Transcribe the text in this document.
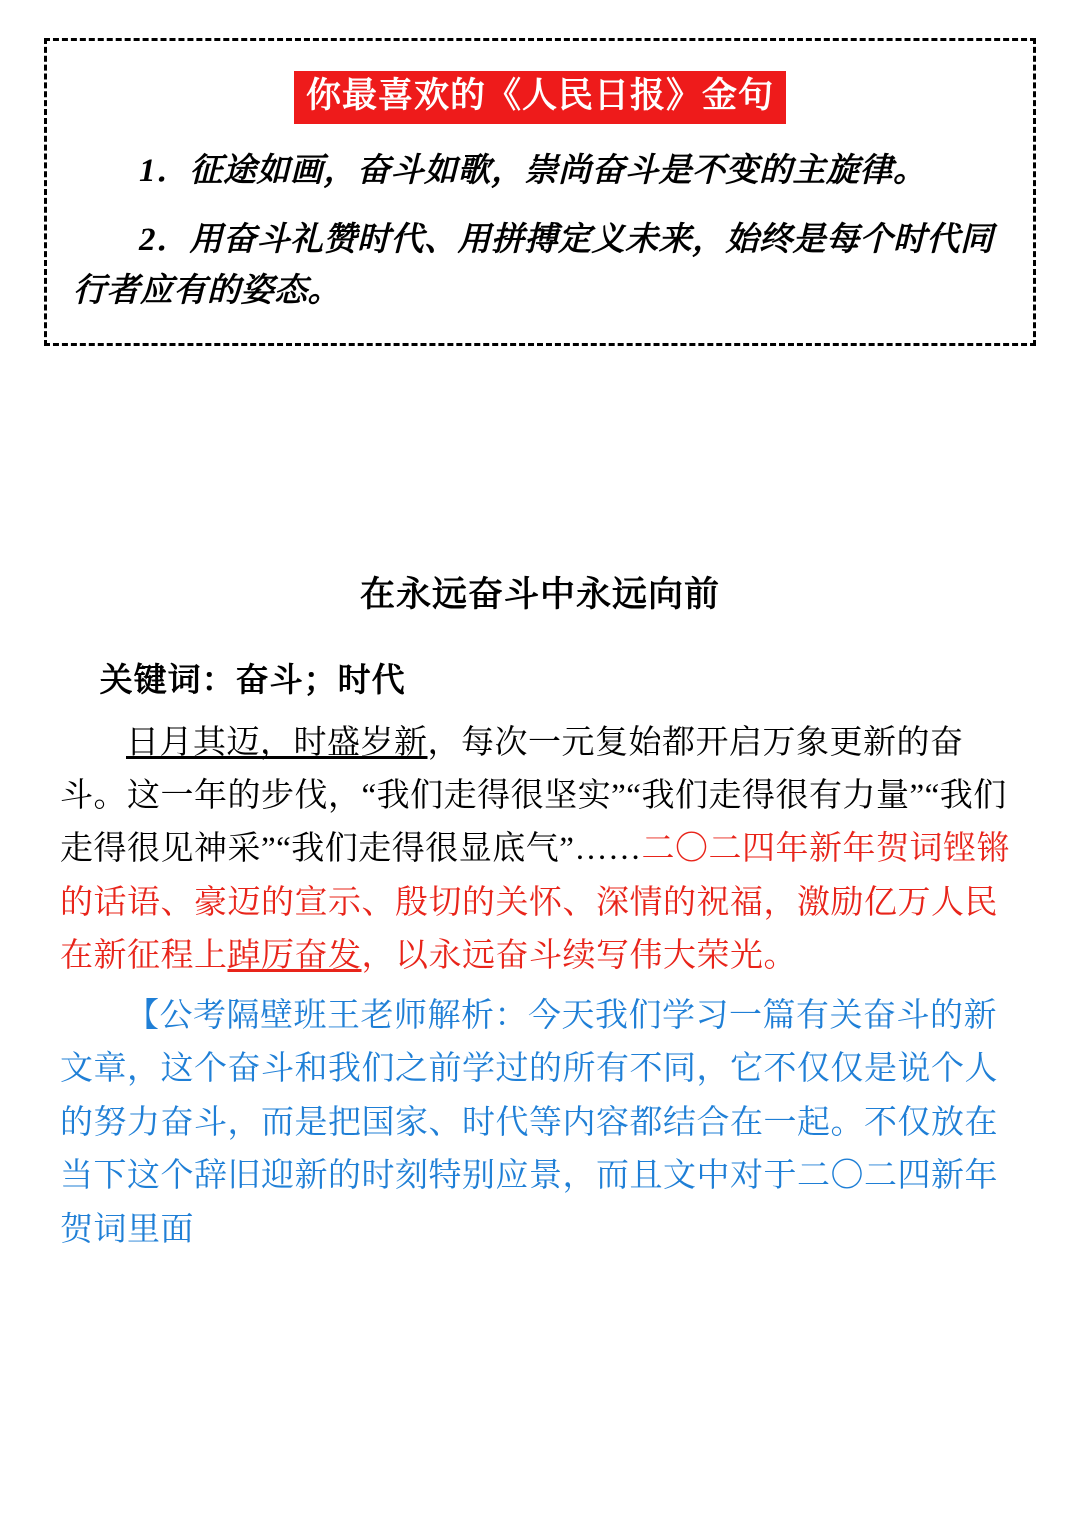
你最喜欢的《人民日报》金句

1．征途如画，奋斗如歌，崇尚奋斗是不变的主旋律。

2．用奋斗礼赞时代、用拼搏定义未来，始终是每个时代同行者应有的姿态。

在永远奋斗中永远向前

关键词：奋斗；时代

日月其迈，时盛岁新，每次一元复始都开启万象更新的奋斗。这一年的步伐，“我们走得很坚实”“我们走得很有力量”“我们走得很见神采”“我们走得很显底气”……二〇二四年新年贺词铿锵的话语、豪迈的宣示、殷切的关怀、深情的祝福，激励亿万人民在新征程上踔厉奋发，以永远奋斗续写伟大荣光。

【公考隔壁班王老师解析：今天我们学习一篇有关奋斗的新文章，这个奋斗和我们之前学过的所有不同，它不仅仅是说个人的努力奋斗，而是把国家、时代等内容都结合在一起。不仅放在当下这个辞旧迎新的时刻特别应景，而且文中对于二〇二四新年贺词里面
